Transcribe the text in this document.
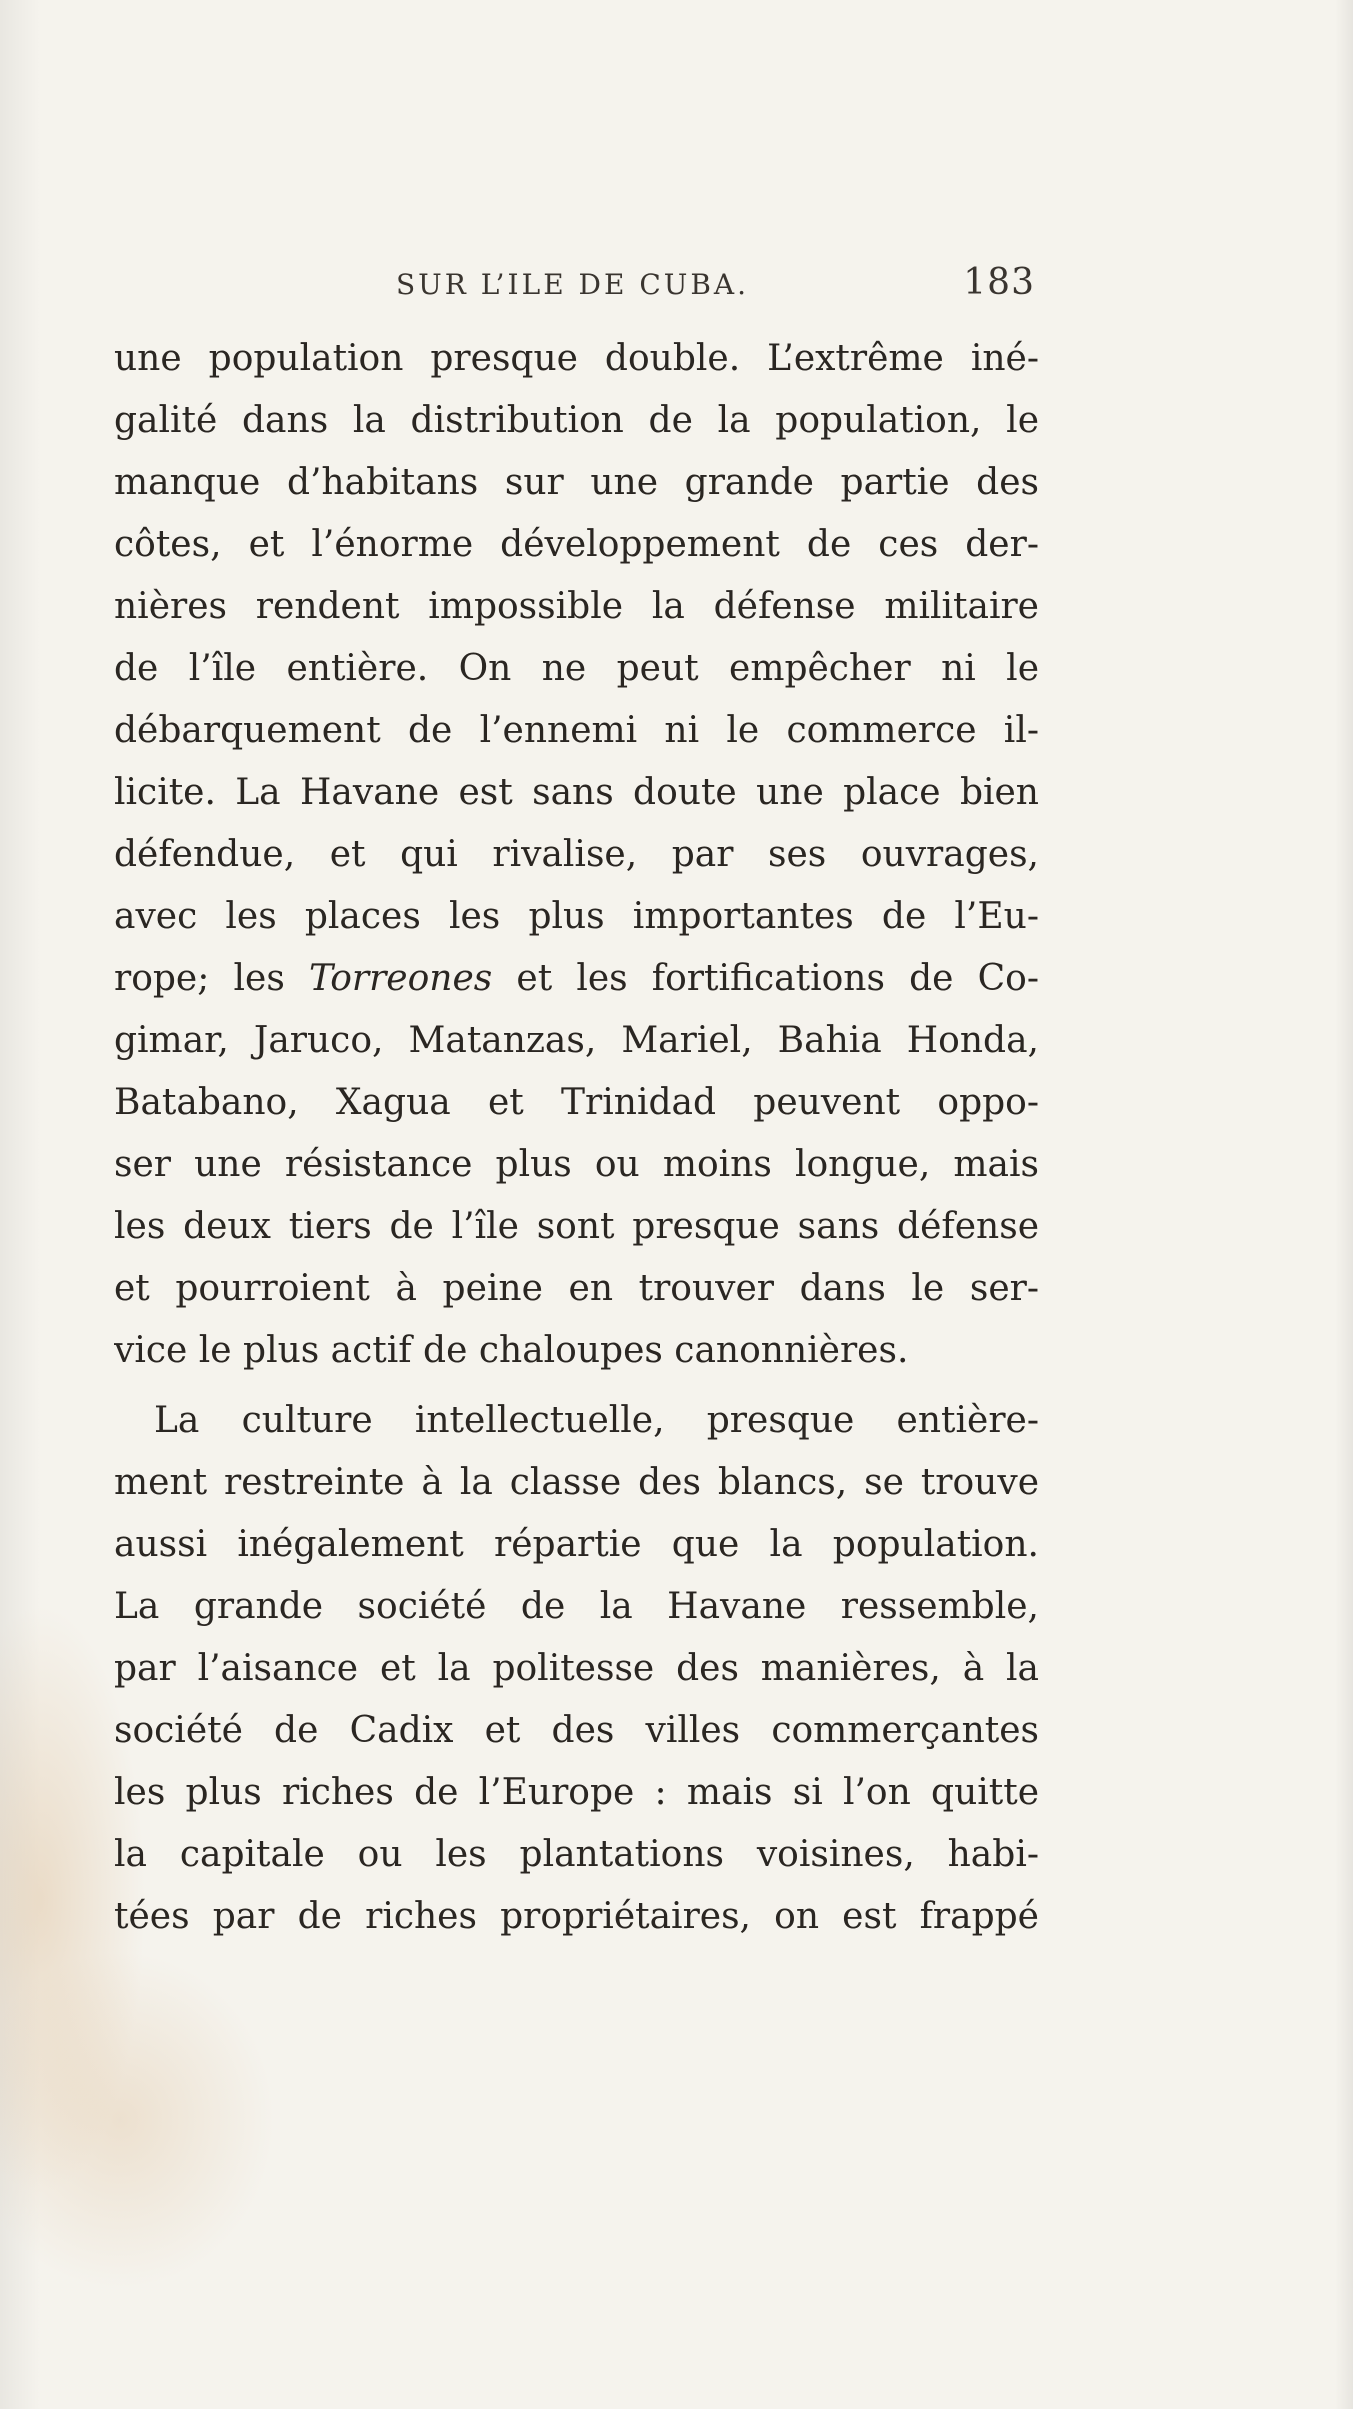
SUR L’ILE DE CUBA.	183
une population presque double. L’extrême iné-
galité dans la distribution de la population, le
manque d’habitans sur une grande partie des
côtes, et l’énorme développement de ces der-
nières rendent impossible la défense militaire
de l’île entière. On ne peut empêcher ni le
débarquement de l’ennemi ni le commerce il-
licite. La Havane est sans doute une place bien
défendue, et qui rivalise, par ses ouvrages,
avec les places les plus importantes de l’Eu-
rope; les Torreones et les fortifications de Co-
gimar, Jaruco, Matanzas, Mariel, Bahia Honda,
Batabano, Xagua et Trinidad peuvent oppo-
ser une résistance plus ou moins longue, mais
les deux tiers de l’île sont presque sans défense
et pourroient à peine en trouver dans le ser-
vice le plus actif de chaloupes canonnières.
La culture intellectuelle, presque entière-
ment restreinte à la classe des blancs, se trouve
aussi inégalement répartie que la population.
La grande société de la Havane ressemble,
par l’aisance et la politesse des manières, à la
société de Cadix et des villes commerçantes
les plus riches de l’Europe : mais si l’on quitte
la capitale ou les plantations voisines, habi-
tées par de riches propriétaires, on est frappé
